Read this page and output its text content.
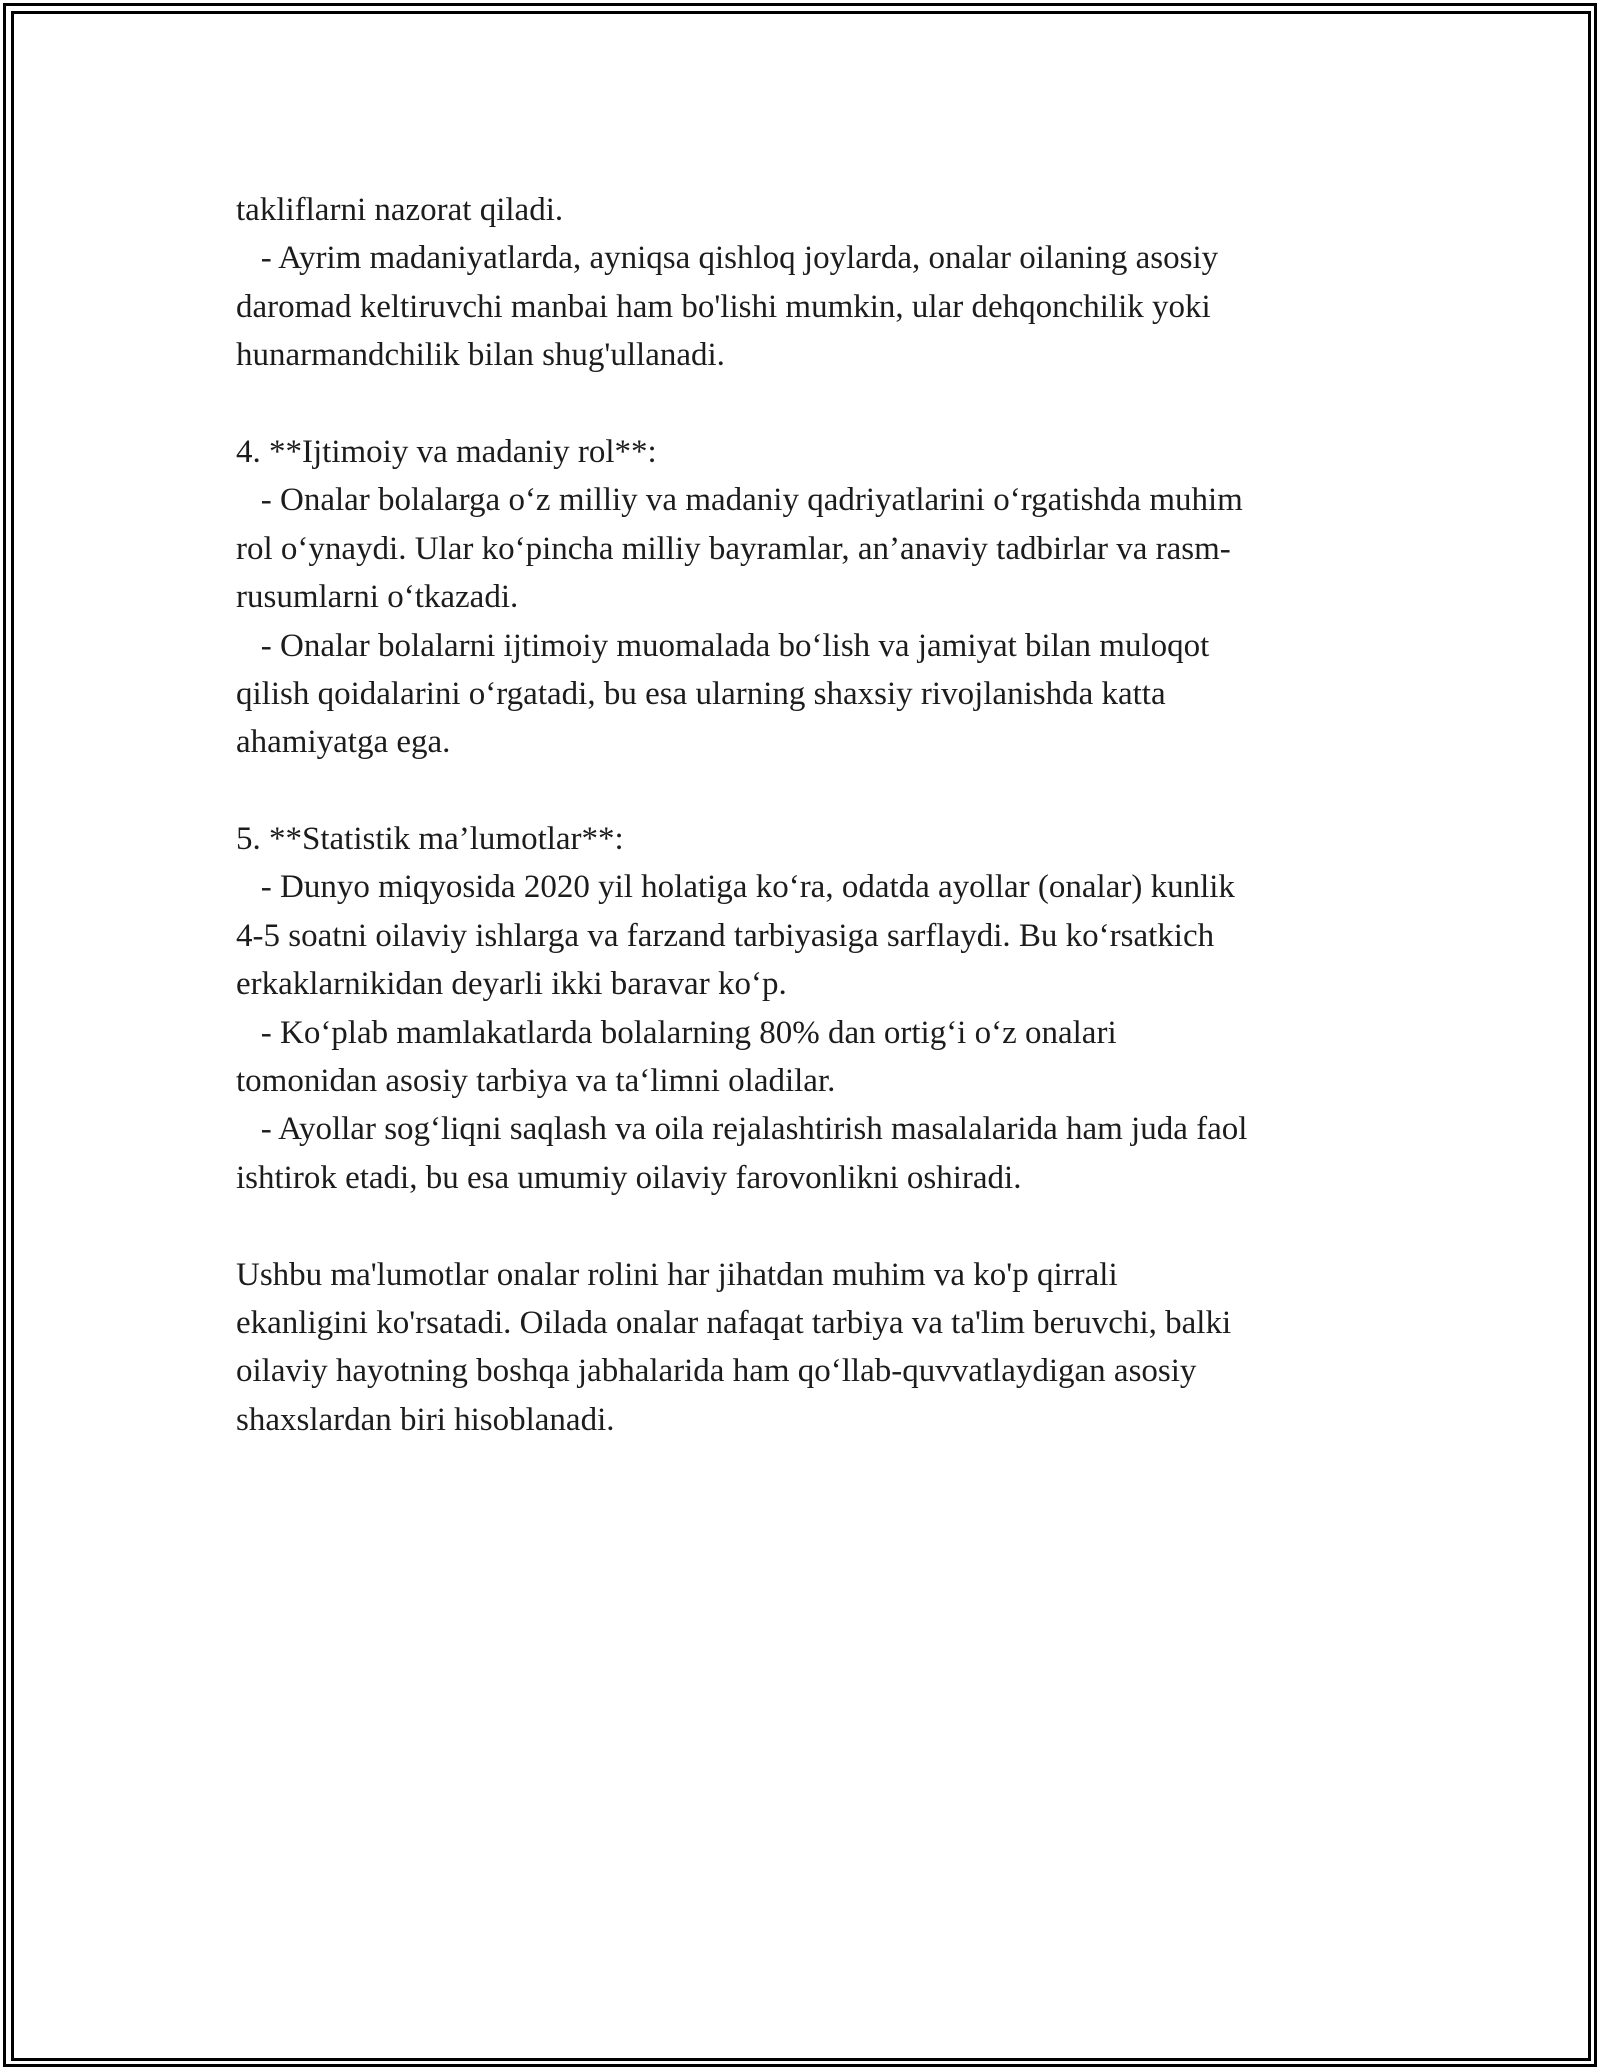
takliflarni nazorat qiladi.
- Ayrim madaniyatlarda, ayniqsa qishloq joylarda, onalar oilaning asosiy
daromad keltiruvchi manbai ham bo'lishi mumkin, ular dehqonchilik yoki
hunarmandchilik bilan shug'ullanadi.
4. **Ijtimoiy va madaniy rol**:
- Onalar bolalarga o‘z milliy va madaniy qadriyatlarini o‘rgatishda muhim
rol o‘ynaydi. Ular ko‘pincha milliy bayramlar, an’anaviy tadbirlar va rasm-
rusumlarni o‘tkazadi.
- Onalar bolalarni ijtimoiy muomalada bo‘lish va jamiyat bilan muloqot
qilish qoidalarini o‘rgatadi, bu esa ularning shaxsiy rivojlanishda katta
ahamiyatga ega.
5. **Statistik ma’lumotlar**:
- Dunyo miqyosida 2020 yil holatiga ko‘ra, odatda ayollar (onalar) kunlik
4-5 soatni oilaviy ishlarga va farzand tarbiyasiga sarflaydi. Bu ko‘rsatkich
erkaklarnikidan deyarli ikki baravar ko‘p.
- Ko‘plab mamlakatlarda bolalarning 80% dan ortig‘i o‘z onalari
tomonidan asosiy tarbiya va ta‘limni oladilar.
- Ayollar sog‘liqni saqlash va oila rejalashtirish masalalarida ham juda faol
ishtirok etadi, bu esa umumiy oilaviy farovonlikni oshiradi.
Ushbu ma'lumotlar onalar rolini har jihatdan muhim va ko'p qirrali
ekanligini ko'rsatadi. Oilada onalar nafaqat tarbiya va ta'lim beruvchi, balki
oilaviy hayotning boshqa jabhalarida ham qo‘llab-quvvatlaydigan asosiy
shaxslardan biri hisoblanadi.
